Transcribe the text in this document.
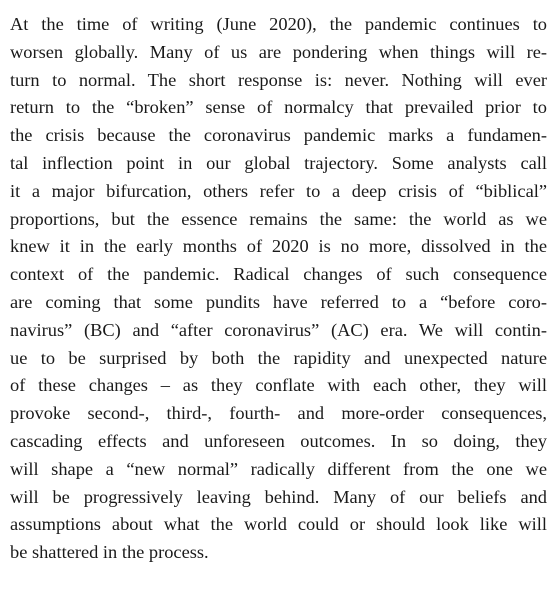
At the time of writing (June 2020), the pandemic continues to
worsen globally. Many of us are pondering when things will re-
turn to normal. The short response is: never. Nothing will ever
return to the “broken” sense of normalcy that prevailed prior to
the crisis because the coronavirus pandemic marks a fundamen-
tal inflection point in our global trajectory. Some analysts call
it a major bifurcation, others refer to a deep crisis of “biblical”
proportions, but the essence remains the same: the world as we
knew it in the early months of 2020 is no more, dissolved in the
context of the pandemic. Radical changes of such consequence
are coming that some pundits have referred to a “before coro-
navirus” (BC) and “after coronavirus” (AC) era. We will contin-
ue to be surprised by both the rapidity and unexpected nature
of these changes – as they conflate with each other, they will
provoke second-, third-, fourth- and more-order consequences,
cascading effects and unforeseen outcomes. In so doing, they
will shape a “new normal” radically different from the one we
will be progressively leaving behind. Many of our beliefs and
assumptions about what the world could or should look like will
be shattered in the process.
